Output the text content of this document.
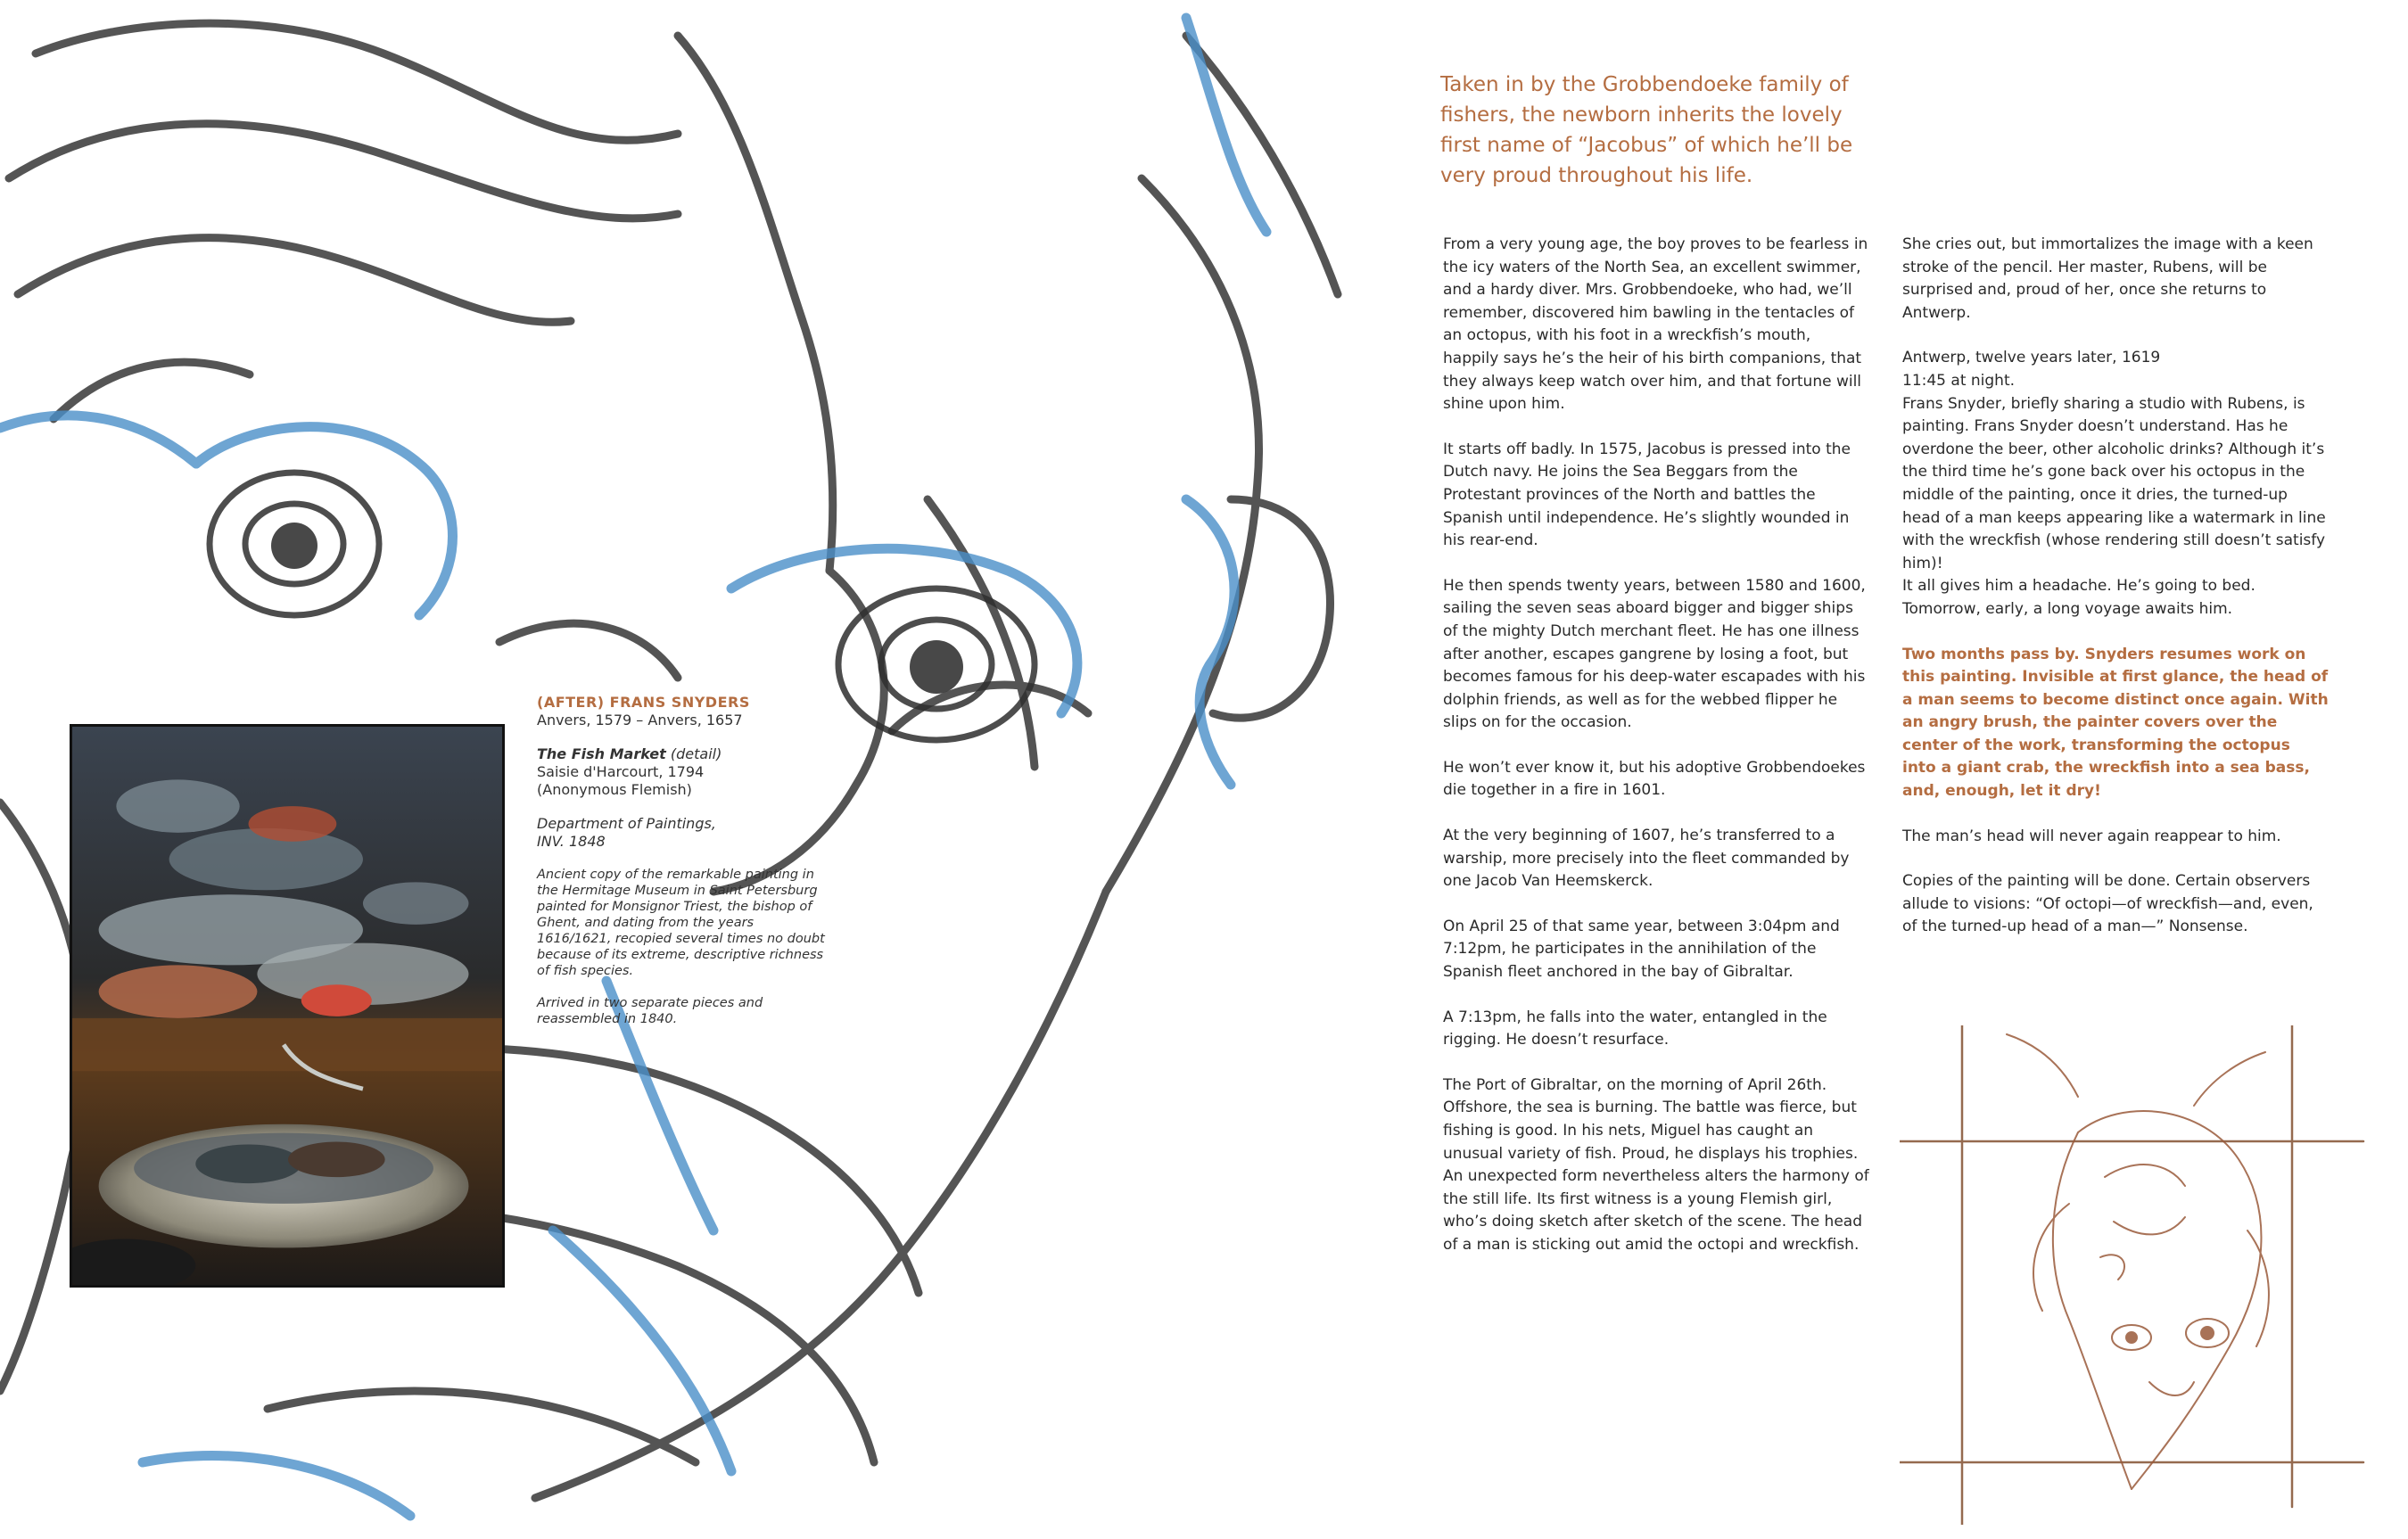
(AFTER) FRANS SNYDERS
Anvers, 1579 – Anvers, 1657
The Fish Market (detail)
Saisie d'Harcourt, 1794
(Anonymous Flemish)
Department of Paintings,
INV. 1848
Ancient copy of the remarkable painting in the Hermitage Museum in Saint Petersburg painted for Monsignor Triest, the bishop of Ghent, and dating from the years 1616/1621, recopied several times no doubt because of its extreme, descriptive richness of fish species.
Arrived in two separate pieces and reassembled in 1840.
Taken in by the Grobbendoeke family of fishers, the newborn inherits the lovely first name of “Jacobus” of which he’ll be very proud throughout his life.

From a very young age, the boy proves to be fearless in the icy waters of the North Sea, an excellent swimmer, and a hardy diver. Mrs. Grobbendoeke, who had, we’ll remember, discovered him bawling in the tentacles of an octopus, with his foot in a wreckfish’s mouth, happily says he’s the heir of his birth companions, that they always keep watch over him, and that fortune will shine upon him.

It starts off badly. In 1575, Jacobus is pressed into the Dutch navy. He joins the Sea Beggars from the Protestant provinces of the North and battles the Spanish until independence. He’s slightly wounded in his rear-end.

He then spends twenty years, between 1580 and 1600, sailing the seven seas aboard bigger and bigger ships of the mighty Dutch merchant fleet. He has one illness after another, escapes gangrene by losing a foot, but becomes famous for his deep-water escapades with his dolphin friends, as well as for the webbed flipper he slips on for the occasion.

He won’t ever know it, but his adoptive Grobbendoekes die together in a fire in 1601.

At the very beginning of 1607, he’s transferred to a warship, more precisely into the fleet commanded by one Jacob Van Heemskerck.

On April 25 of that same year, between 3:04pm and 7:12pm, he participates in the annihilation of the Spanish fleet anchored in the bay of Gibraltar.

A 7:13pm, he falls into the water, entangled in the rigging. He doesn’t resurface.

The Port of Gibraltar, on the morning of April 26th. Offshore, the sea is burning. The battle was fierce, but fishing is good. In his nets, Miguel has caught an unusual variety of fish. Proud, he displays his trophies. An unexpected form nevertheless alters the harmony of the still life. Its first witness is a young Flemish girl, who’s doing sketch after sketch of the scene. The head of a man is sticking out amid the octopi and wreckfish.

She cries out, but immortalizes the image with a keen stroke of the pencil. Her master, Rubens, will be surprised and, proud of her, once she returns to Antwerp.

Antwerp, twelve years later, 1619
11:45 at night.
Frans Snyder, briefly sharing a studio with Rubens, is painting. Frans Snyder doesn’t understand. Has he overdone the beer, other alcoholic drinks? Although it’s the third time he’s gone back over his octopus in the middle of the painting, once it dries, the turned-up head of a man keeps appearing like a watermark in line with the wreckfish (whose rendering still doesn’t satisfy him)!
It all gives him a headache. He’s going to bed. Tomorrow, early, a long voyage awaits him.

Two months pass by. Snyders resumes work on this painting. Invisible at first glance, the head of a man seems to become distinct once again. With an angry brush, the painter covers over the center of the work, transforming the octopus into a giant crab, the wreckfish into a sea bass, and, enough, let it dry!

The man’s head will never again reappear to him.

Copies of the painting will be done. Certain observers allude to visions: “Of octopi—of wreckfish—and, even, of the turned-up head of a man—” Nonsense.
